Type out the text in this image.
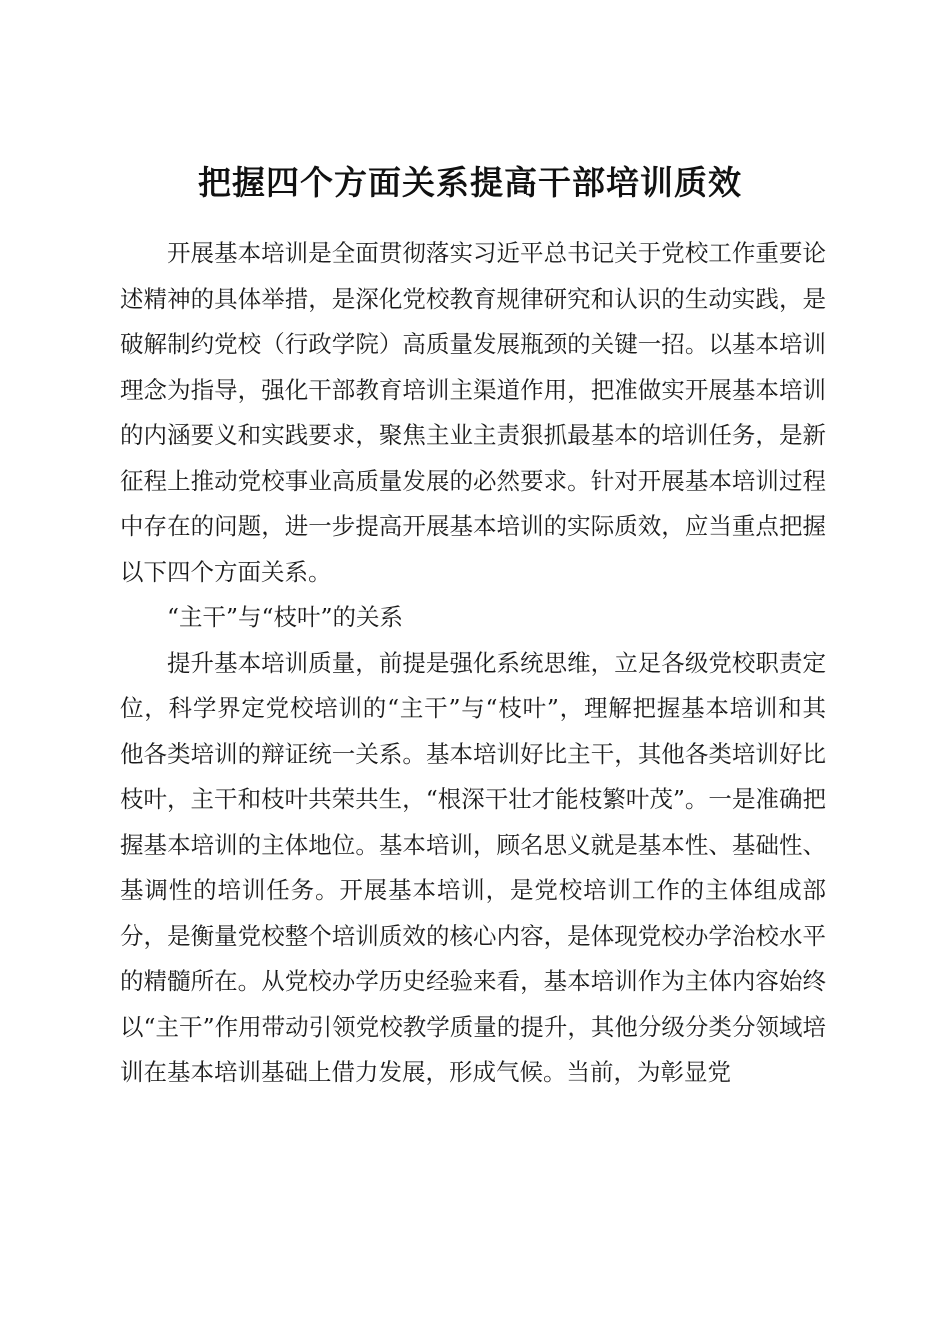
把握四个方面关系提高干部培训质效

开展基本培训是全面贯彻落实习近平总书记关于党校工作重要论述精神的具体举措，是深化党校教育规律研究和认识的生动实践，是破解制约党校（行政学院）高质量发展瓶颈的关键一招。以基本培训理念为指导，强化干部教育培训主渠道作用，把准做实开展基本培训的内涵要义和实践要求，聚焦主业主责狠抓最基本的培训任务，是新征程上推动党校事业高质量发展的必然要求。针对开展基本培训过程中存在的问题，进一步提高开展基本培训的实际质效，应当重点把握以下四个方面关系。

“主干”与“枝叶”的关系

提升基本培训质量，前提是强化系统思维，立足各级党校职责定位，科学界定党校培训的“主干”与“枝叶”，理解把握基本培训和其他各类培训的辩证统一关系。基本培训好比主干，其他各类培训好比枝叶，主干和枝叶共荣共生，“根深干壮才能枝繁叶茂”。一是准确把握基本培训的主体地位。基本培训，顾名思义就是基本性、基础性、基调性的培训任务。开展基本培训，是党校培训工作的主体组成部分，是衡量党校整个培训质效的核心内容，是体现党校办学治校水平的精髓所在。从党校办学历史经验来看，基本培训作为主体内容始终以“主干”作用带动引领党校教学质量的提升，其他分级分类分领域培训在基本培训基础上借力发展，形成气候。当前，为彰显党
